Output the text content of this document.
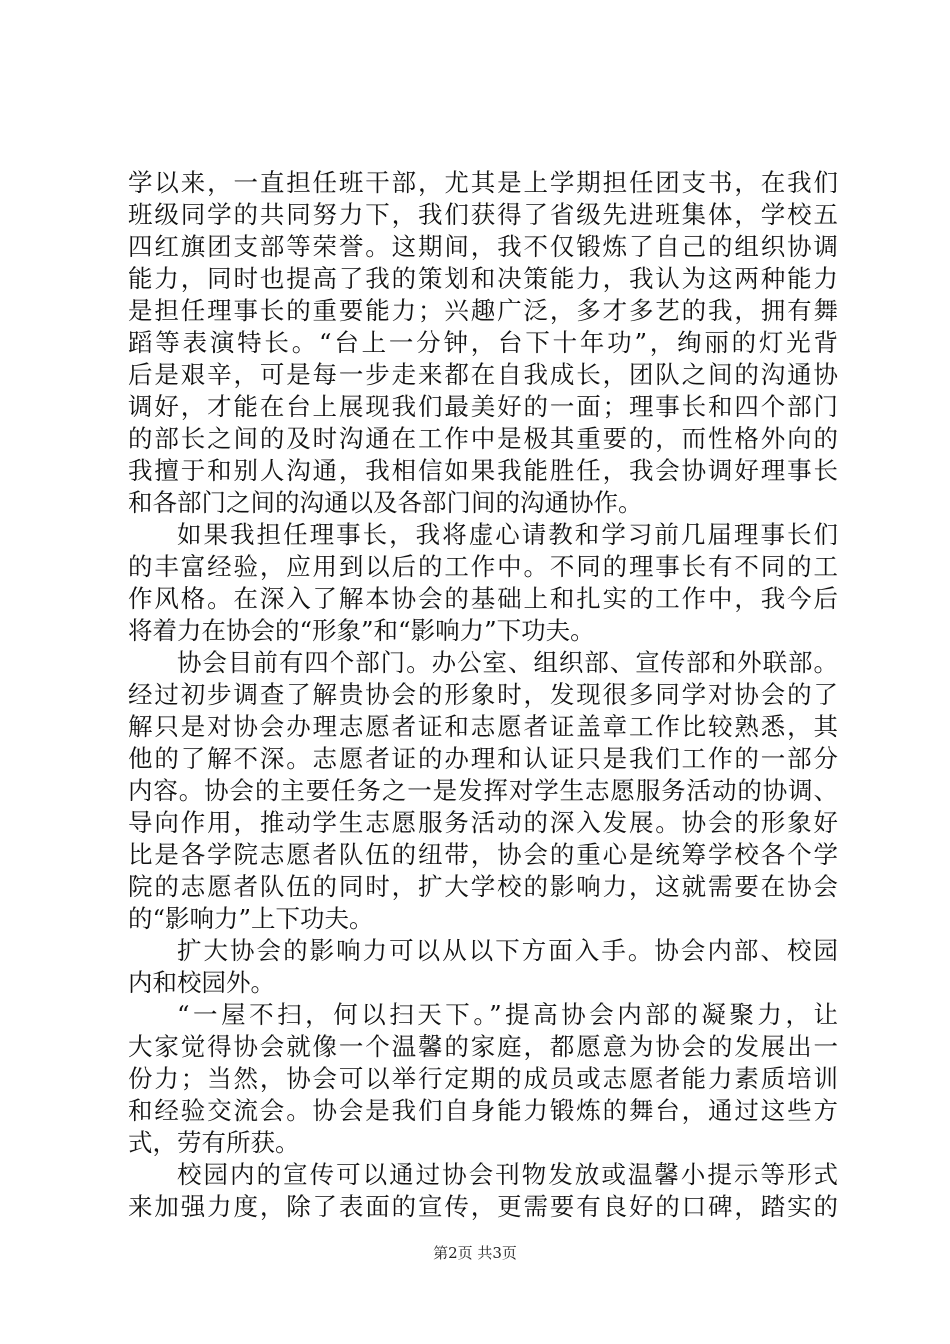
学以来，一直担任班干部，尤其是上学期担任团支书，在我们
班级同学的共同努力下，我们获得了省级先进班集体，学校五
四红旗团支部等荣誉。这期间，我不仅锻炼了自己的组织协调
能力，同时也提高了我的策划和决策能力，我认为这两种能力
是担任理事长的重要能力；兴趣广泛，多才多艺的我，拥有舞
蹈等表演特长。“台上一分钟，台下十年功”，绚丽的灯光背
后是艰辛，可是每一步走来都在自我成长，团队之间的沟通协
调好，才能在台上展现我们最美好的一面；理事长和四个部门
的部长之间的及时沟通在工作中是极其重要的，而性格外向的
我擅于和别人沟通，我相信如果我能胜任，我会协调好理事长
和各部门之间的沟通以及各部门间的沟通协作。
如果我担任理事长，我将虚心请教和学习前几届理事长们
的丰富经验，应用到以后的工作中。不同的理事长有不同的工
作风格。在深入了解本协会的基础上和扎实的工作中，我今后
将着力在协会的“形象”和“影响力”下功夫。
协会目前有四个部门。办公室、组织部、宣传部和外联部。
经过初步调查了解贵协会的形象时，发现很多同学对协会的了
解只是对协会办理志愿者证和志愿者证盖章工作比较熟悉，其
他的了解不深。志愿者证的办理和认证只是我们工作的一部分
内容。协会的主要任务之一是发挥对学生志愿服务活动的协调、
导向作用，推动学生志愿服务活动的深入发展。协会的形象好
比是各学院志愿者队伍的纽带，协会的重心是统筹学校各个学
院的志愿者队伍的同时，扩大学校的影响力，这就需要在协会
的“影响力”上下功夫。
扩大协会的影响力可以从以下方面入手。协会内部、校园
内和校园外。
“一屋不扫，何以扫天下。”提高协会内部的凝聚力，让
大家觉得协会就像一个温馨的家庭，都愿意为协会的发展出一
份力；当然，协会可以举行定期的成员或志愿者能力素质培训
和经验交流会。协会是我们自身能力锻炼的舞台，通过这些方
式，劳有所获。
校园内的宣传可以通过协会刊物发放或温馨小提示等形式
来加强力度，除了表面的宣传，更需要有良好的口碑，踏实的
第2页 共3页
